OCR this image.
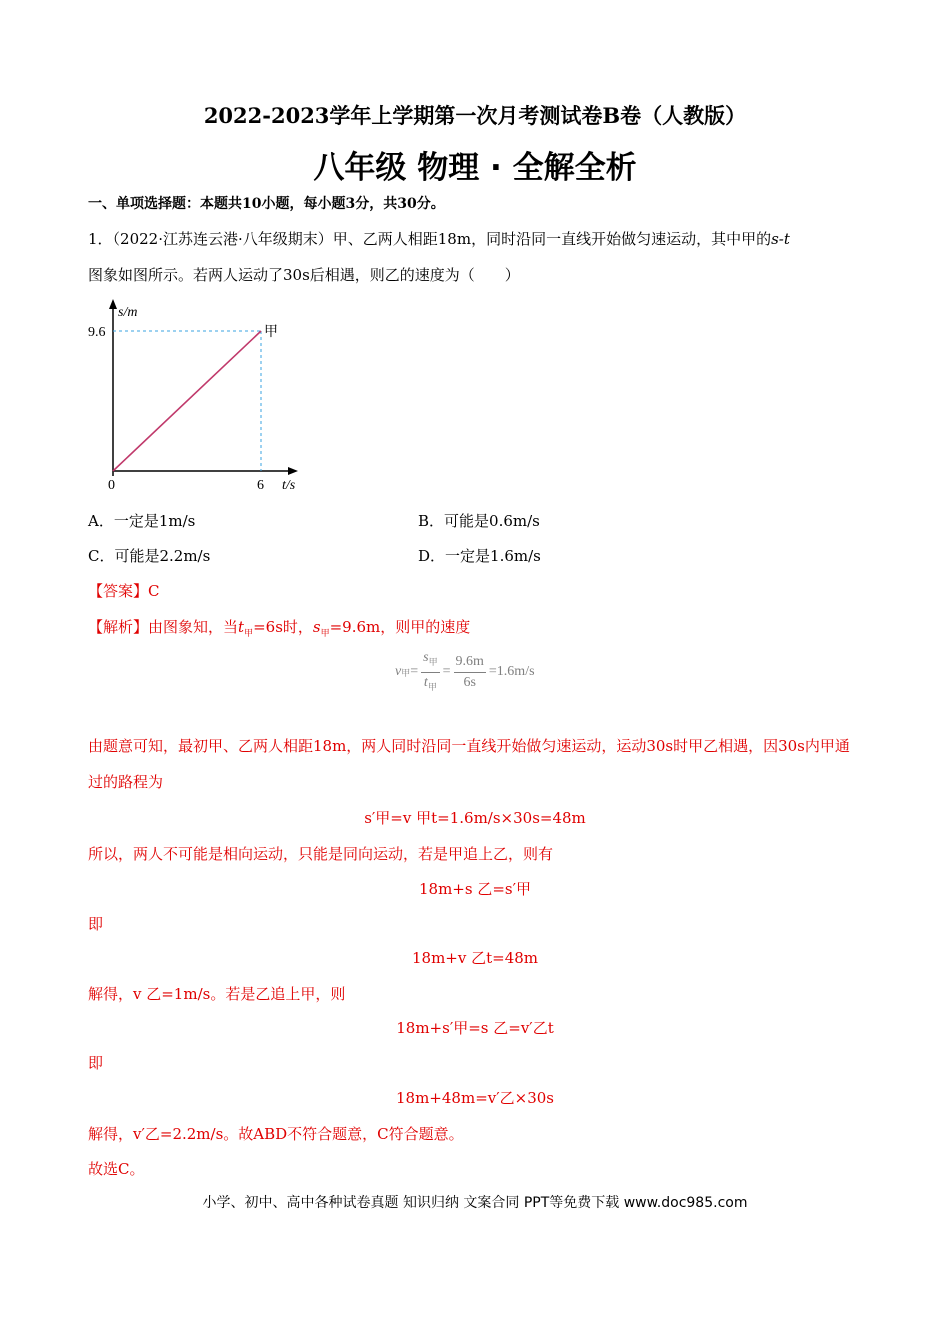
2022-2023学年上学期第一次月考测试卷B卷（人教版）
八年级 物理 · 全解全析
一、单项选择题：本题共10小题，每小题3分，共30分。
1．（2022·江苏连云港·八年级期末）甲、乙两人相距18m，同时沿同一直线开始做匀速运动，其中甲的s-t
图象如图所示。若两人运动了30s后相遇，则乙的速度为（　　）
s/m
t/s
0
9.6
6
甲
A．一定是1m/s	B．可能是0.6m/s
C．可能是2.2m/s	D．一定是1.6m/s
【答案】C
【解析】由图象知，当$t_甲=6s$时，$s_甲=9.6m$，则甲的速度
v 甲 = $\frac{s_甲}{t_甲} = \frac{9.6m}{6s} =1.6m/s$
由题意可知，最初甲、乙两人相距18m，两人同时沿同一直线开始做匀速运动，运动30s时甲乙相遇，因30s内甲通过的路程为
s′甲=v 甲t=1.6m/s×30s=48m
所以，两人不可能是相向运动，只能是同向运动，若是甲追上乙，则有
18m+s 乙=s′甲
即
18m+v 乙t=48m
解得，v 乙=1m/s。若是乙追上甲，则
18m+s′甲=s 乙=v′乙t
即
18m+48m=v′乙×30s
解得，v′乙=2.2m/s。故ABD不符合题意，C符合题意。
故选C。
小学、初中、高中各种试卷真题 知识归纳 文案合同 PPT等免费下载 www.doc985.com
